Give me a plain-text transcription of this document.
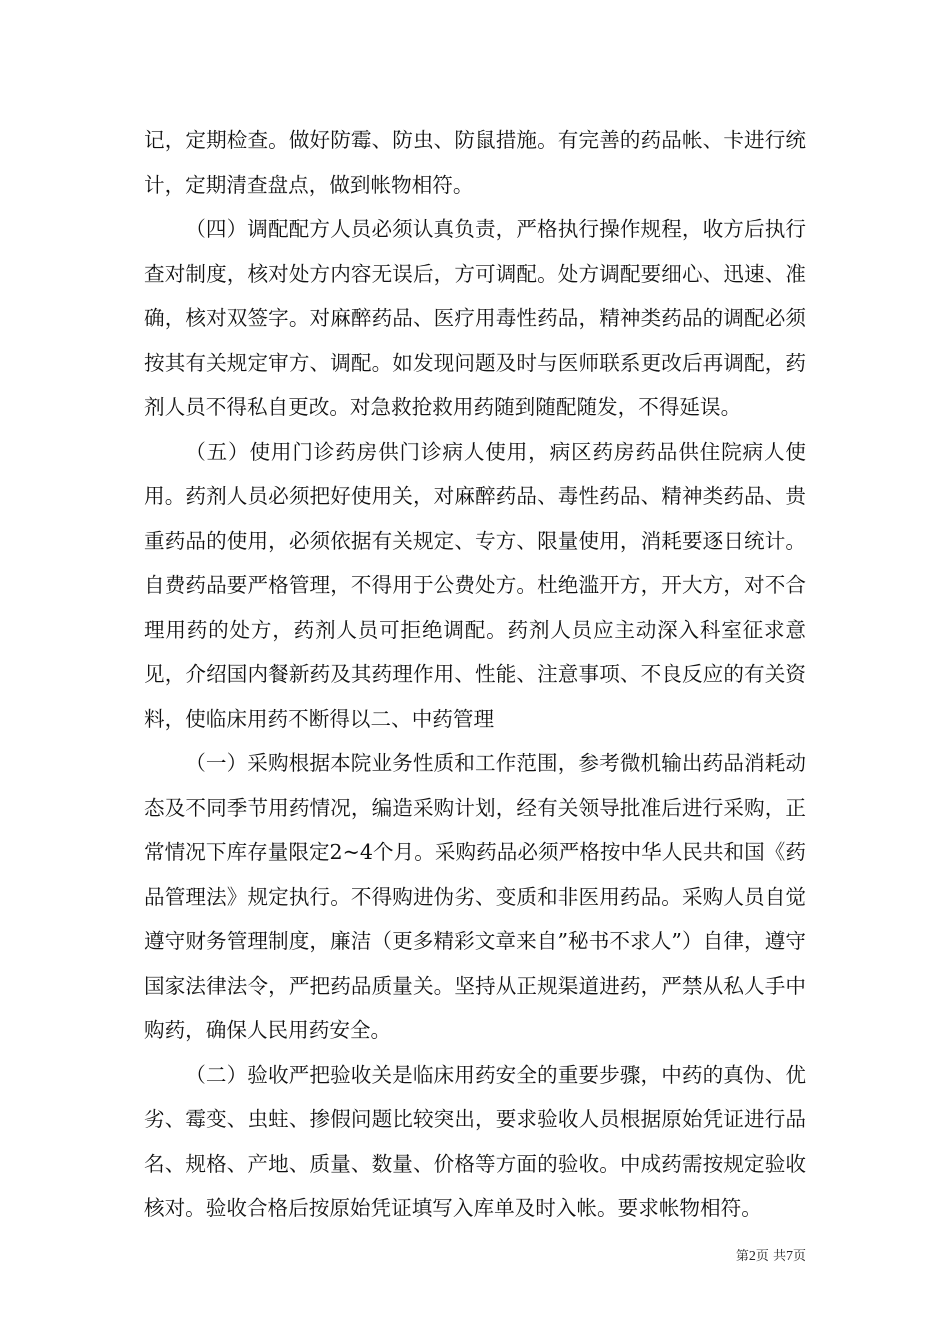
记，定期检查。做好防霉、防虫、防鼠措施。有完善的药品帐、卡进行统计，定期清查盘点，做到帐物相符。

（四）调配配方人员必须认真负责，严格执行操作规程，收方后执行查对制度，核对处方内容无误后，方可调配。处方调配要细心、迅速、准确，核对双签字。对麻醉药品、医疗用毒性药品，精神类药品的调配必须按其有关规定审方、调配。如发现问题及时与医师联系更改后再调配，药剂人员不得私自更改。对急救抢救用药随到随配随发，不得延误。

（五）使用门诊药房供门诊病人使用，病区药房药品供住院病人使用。药剂人员必须把好使用关，对麻醉药品、毒性药品、精神类药品、贵重药品的使用，必须依据有关规定、专方、限量使用，消耗要逐日统计。自费药品要严格管理，不得用于公费处方。杜绝滥开方，开大方，对不合理用药的处方，药剂人员可拒绝调配。药剂人员应主动深入科室征求意见，介绍国内餐新药及其药理作用、性能、注意事项、不良反应的有关资料，使临床用药不断得以二、中药管理

（一）采购根据本院业务性质和工作范围，参考微机输出药品消耗动态及不同季节用药情况，编造采购计划，经有关领导批准后进行采购，正常情况下库存量限定2~4个月。采购药品必须严格按中华人民共和国《药品管理法》规定执行。不得购进伪劣、变质和非医用药品。采购人员自觉遵守财务管理制度，廉洁（更多精彩文章来自”秘书不求人”）自律，遵守国家法律法令，严把药品质量关。坚持从正规渠道进药，严禁从私人手中购药，确保人民用药安全。

（二）验收严把验收关是临床用药安全的重要步骤，中药的真伪、优劣、霉变、虫蛀、掺假问题比较突出，要求验收人员根据原始凭证进行品名、规格、产地、质量、数量、价格等方面的验收。中成药需按规定验收核对。验收合格后按原始凭证填写入库单及时入帐。要求帐物相符。

第2页 共7页
